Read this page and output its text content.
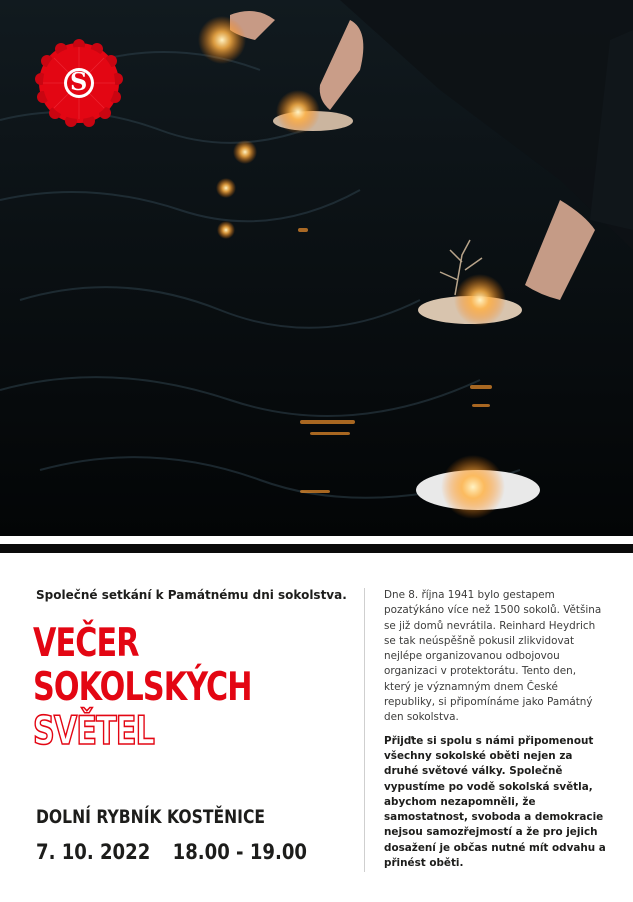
S
Společné setkání k Památnému dni sokolstva.
VEČER
SOKOLSKÝCH
SVĚTEL
DOLNÍ RYBNÍK KOSTĚNICE
7. 10. 2022 18.00 - 19.00

Dne 8. října 1941 bylo gestapem pozatýkáno více než 1500 sokolů. Většina se již domů nevrátila. Reinhard Heydrich se tak neúspěšně pokusil zlikvidovat nejlépe organizovanou odbojovou organizaci v protektorátu. Tento den, který je významným dnem České republiky, si připomínáme jako Památný den sokolstva.

Přijďte si spolu s námi připomenout všechny sokolské oběti nejen za druhé světové války. Společně vypustíme po vodě sokolská světla, abychom nezapomněli, že samostatnost, svoboda a demokracie nejsou samozřejmostí a že pro jejich dosažení je občas nutné mít odvahu a přinést oběti.
